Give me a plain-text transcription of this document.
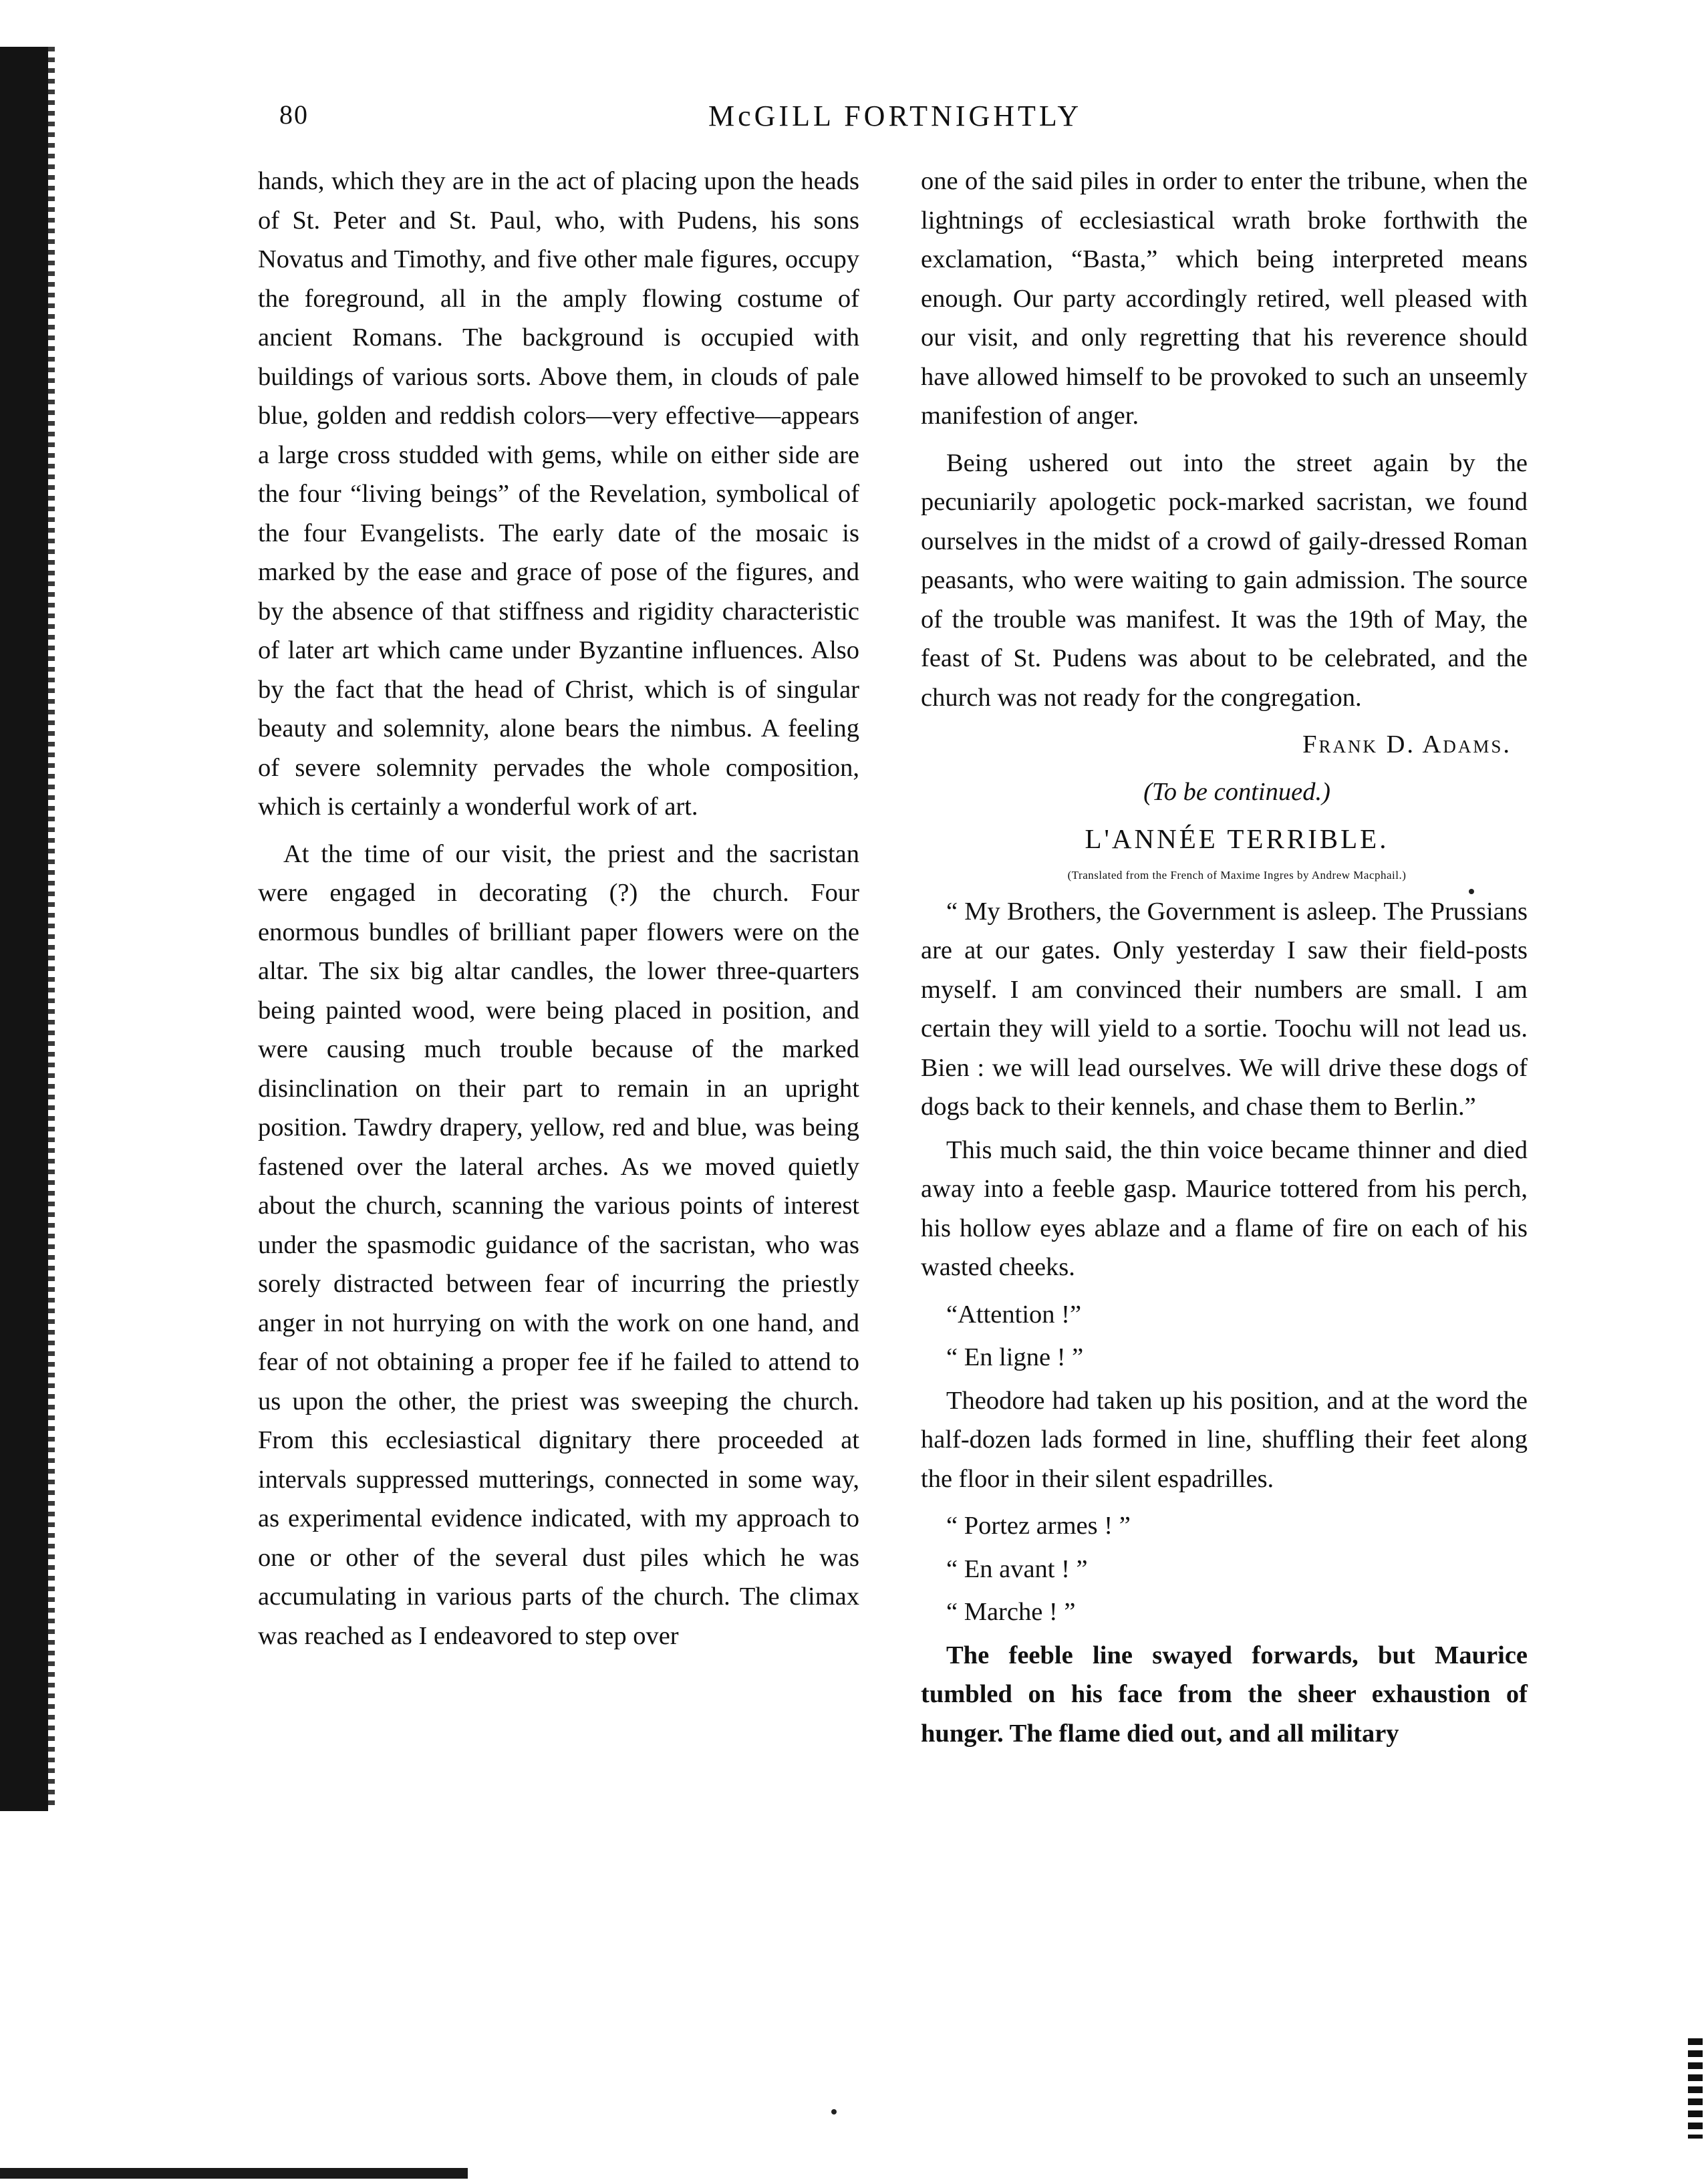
80	McGILL FORTNIGHTLY

hands, which they are in the act of placing upon the heads of St. Peter and St. Paul, who, with Pudens, his sons Novatus and Timothy, and five other male figures, occupy the foreground, all in the amply flowing costume of ancient Romans. The background is occupied with buildings of various sorts. Above them, in clouds of pale blue, golden and reddish colors—very effective—appears a large cross studded with gems, while on either side are the four “living beings” of the Revelation, symbolical of the four Evangelists. The early date of the mosaic is marked by the ease and grace of pose of the figures, and by the absence of that stiffness and rigidity characteristic of later art which came under Byzantine influences. Also by the fact that the head of Christ, which is of singular beauty and solemnity, alone bears the nimbus. A feeling of severe solemnity pervades the whole composition, which is certainly a wonderful work of art.

At the time of our visit, the priest and the sacristan were engaged in decorating (?) the church. Four enormous bundles of brilliant paper flowers were on the altar. The six big altar candles, the lower three-quarters being painted wood, were being placed in position, and were causing much trouble because of the marked disinclination on their part to remain in an upright position. Tawdry drapery, yellow, red and blue, was being fastened over the lateral arches. As we moved quietly about the church, scanning the various points of interest under the spasmodic guidance of the sacristan, who was sorely distracted between fear of incurring the priestly anger in not hurrying on with the work on one hand, and fear of not obtaining a proper fee if he failed to attend to us upon the other, the priest was sweeping the church. From this ecclesiastical dignitary there proceeded at intervals suppressed mutterings, connected in some way, as experimental evidence indicated, with my approach to one or other of the several dust piles which he was accumulating in various parts of the church. The climax was reached as I endeavored to step over

one of the said piles in order to enter the tribune, when the lightnings of ecclesiastical wrath broke forthwith the exclamation, “Basta,” which being interpreted means enough. Our party accordingly retired, well pleased with our visit, and only regretting that his reverence should have allowed himself to be provoked to such an unseemly manifestion of anger.

Being ushered out into the street again by the pecuniarily apologetic pock-marked sacristan, we found ourselves in the midst of a crowd of gaily-dressed Roman peasants, who were waiting to gain admission. The source of the trouble was manifest. It was the 19th of May, the feast of St. Pudens was about to be celebrated, and the church was not ready for the congregation.

Frank D. Adams.

(To be continued.)

L'ANNÉE TERRIBLE.

(Translated from the French of Maxime Ingres by Andrew Macphail.)

“ My Brothers, the Government is asleep. The Prussians are at our gates. Only yesterday I saw their field-posts myself. I am convinced their numbers are small. I am certain they will yield to a sortie. Toochu will not lead us. Bien : we will lead ourselves. We will drive these dogs of dogs back to their kennels, and chase them to Berlin.”

This much said, the thin voice became thinner and died away into a feeble gasp. Maurice tottered from his perch, his hollow eyes ablaze and a flame of fire on each of his wasted cheeks.

“Attention !”

“ En ligne ! ”

Theodore had taken up his position, and at the word the half-dozen lads formed in line, shuffling their feet along the floor in their silent espadrilles.

“ Portez armes ! ”

“ En avant ! ”

“ Marche ! ”

The feeble line swayed forwards, but Maurice tumbled on his face from the sheer exhaustion of hunger. The flame died out, and all military
